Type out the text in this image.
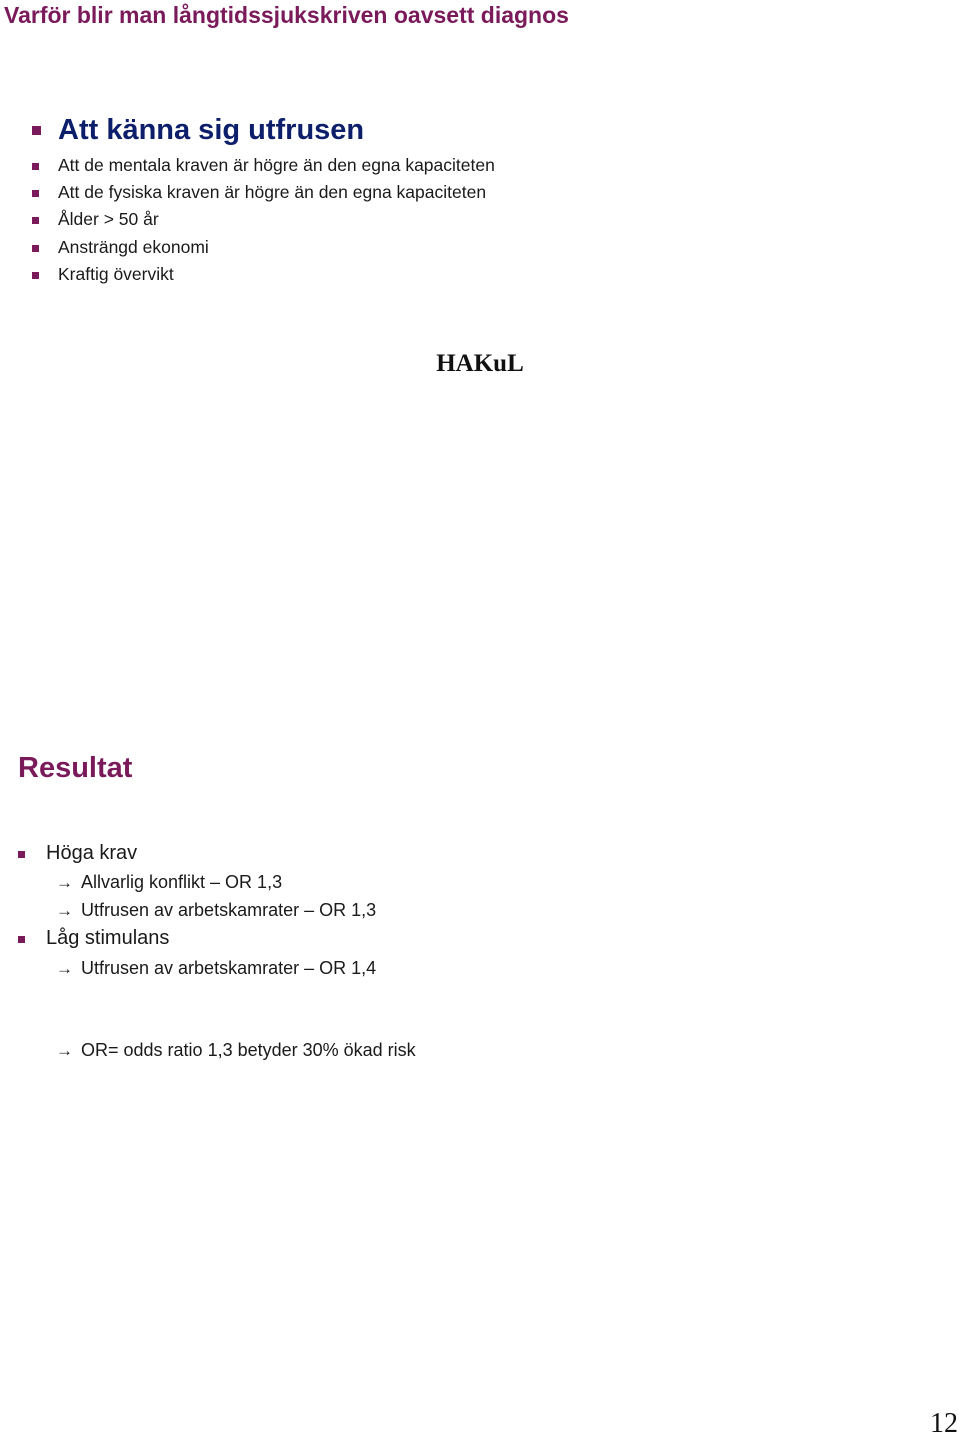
Varför blir man långtidssjukskriven oavsett diagnos
Att känna sig utfrusen
Att de mentala kraven är högre än den egna kapaciteten
Att de fysiska kraven är högre än den egna kapaciteten
Ålder > 50 år
Ansträngd ekonomi
Kraftig övervikt
HAKuL
Resultat
Höga krav
→ Allvarlig konflikt – OR 1,3
→ Utfrusen av arbetskamrater – OR 1,3
Låg stimulans
→ Utfrusen av arbetskamrater – OR 1,4
→ OR= odds ratio 1,3 betyder 30% ökad risk
12
